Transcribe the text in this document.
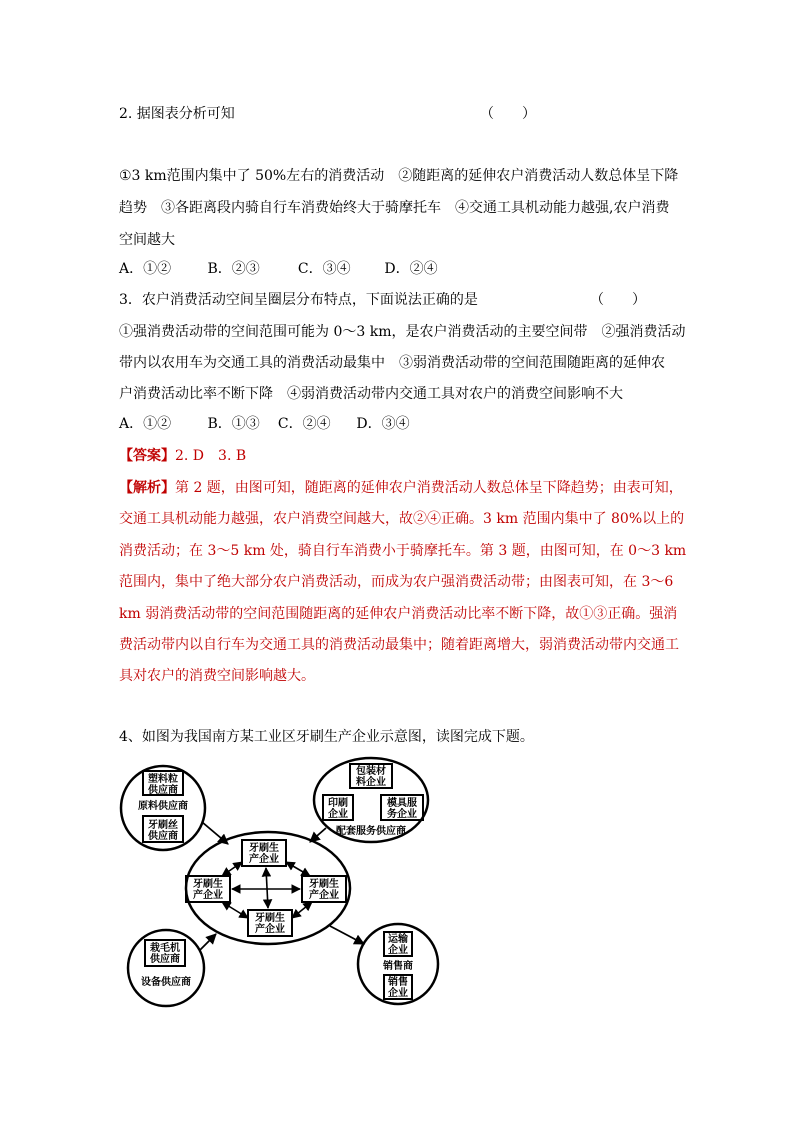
2. 据图表分析可知	（　　）
①3 km范围内集中了 50%左右的消费活动　②随距离的延伸农户消费活动人数总体呈下降
趋势　③各距离段内骑自行车消费始终大于骑摩托车　④交通工具机动能力越强,农户消费
空间越大
A．①②	B．②③	C．③④ D．②④
3．农户消费活动空间呈圈层分布特点，下面说法正确的是	（　　）
①强消费活动带的空间范围可能为 0～3 km，是农户消费活动的主要空间带　②强消费活动
带内以农用车为交通工具的消费活动最集中　③弱消费活动带的空间范围随距离的延伸农
户消费活动比率不断下降　④弱消费活动带内交通工具对农户的消费空间影响不大
A．①②	B．①③ C．②④ D．③④
【答案】2. D　3. B
【解析】第 2 题，由图可知，随距离的延伸农户消费活动人数总体呈下降趋势；由表可知，
交通工具机动能力越强，农户消费空间越大，故②④正确。3 km 范围内集中了 80%以上的
消费活动；在 3～5 km 处，骑自行车消费小于骑摩托车。第 3 题，由图可知，在 0～3 km
范围内，集中了绝大部分农户消费活动，而成为农户强消费活动带；由图表可知，在 3～6
km 弱消费活动带的空间范围随距离的延伸农户消费活动比率不断下降，故①③正确。强消
费活动带内以自行车为交通工具的消费活动最集中；随着距离增大，弱消费活动带内交通工
具对农户的消费空间影响越大。
4、如图为我国南方某工业区牙刷生产企业示意图，读图完成下题。
塑料粒
供应商
原料供应商
牙刷丝
供应商
包装材
料企业
印刷
企业
模具服
务企业
配套服务供应商
牙刷生
产企业
牙刷生
产企业
牙刷生
产企业
牙刷生
产企业
栽毛机
供应商
设备供应商
运输
企业
销售商
销售
企业
